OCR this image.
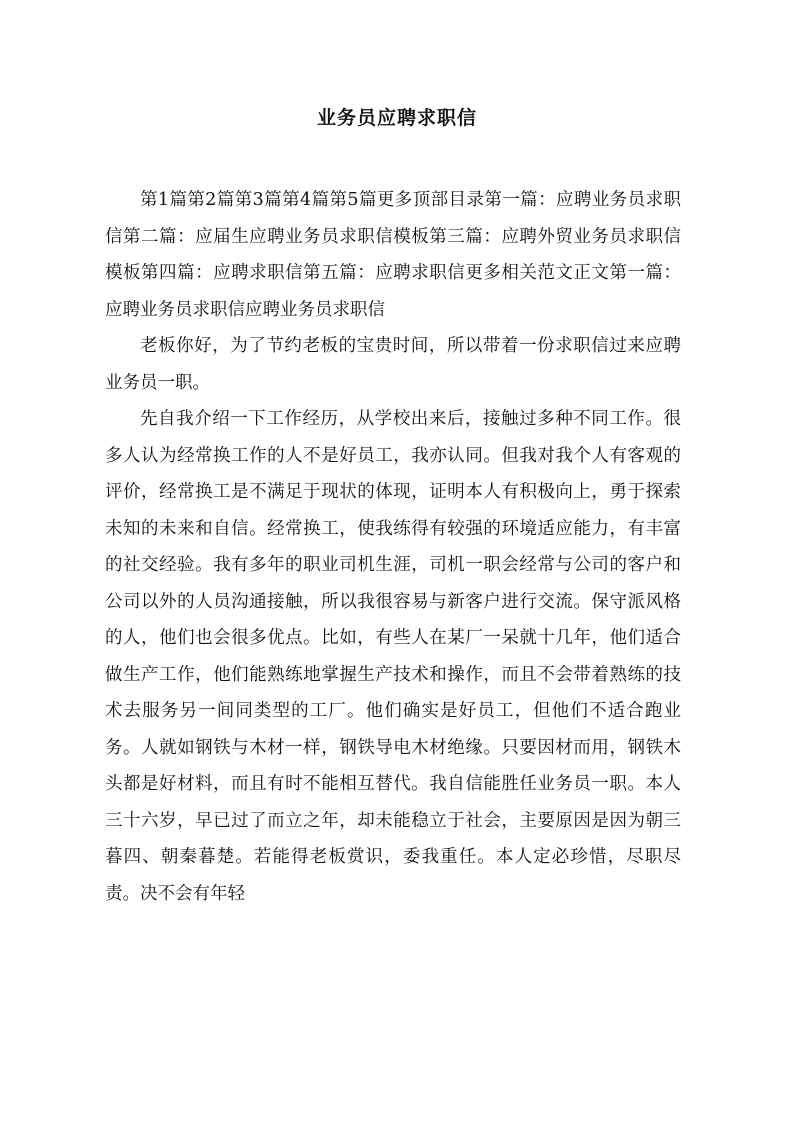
业务员应聘求职信

第1篇第2篇第3篇第4篇第5篇更多顶部目录第一篇：应聘业务员求职信第二篇：应届生应聘业务员求职信模板第三篇：应聘外贸业务员求职信模板第四篇：应聘求职信第五篇：应聘求职信更多相关范文正文第一篇：应聘业务员求职信应聘业务员求职信

老板你好，为了节约老板的宝贵时间，所以带着一份求职信过来应聘业务员一职。

先自我介绍一下工作经历，从学校出来后，接触过多种不同工作。很多人认为经常换工作的人不是好员工，我亦认同。但我对我个人有客观的评价，经常换工是不满足于现状的体现，证明本人有积极向上，勇于探索未知的未来和自信。经常换工，使我练得有较强的环境适应能力，有丰富的社交经验。我有多年的职业司机生涯，司机一职会经常与公司的客户和公司以外的人员沟通接触，所以我很容易与新客户进行交流。保守派风格的人，他们也会很多优点。比如，有些人在某厂一呆就十几年，他们适合做生产工作，他们能熟练地掌握生产技术和操作，而且不会带着熟练的技术去服务另一间同类型的工厂。他们确实是好员工，但他们不适合跑业务。人就如钢铁与木材一样，钢铁导电木材绝缘。只要因材而用，钢铁木头都是好材料，而且有时不能相互替代。我自信能胜任业务员一职。本人三十六岁，早已过了而立之年，却未能稳立于社会，主要原因是因为朝三暮四、朝秦暮楚。若能得老板赏识，委我重任。本人定必珍惜，尽职尽责。决不会有年轻
